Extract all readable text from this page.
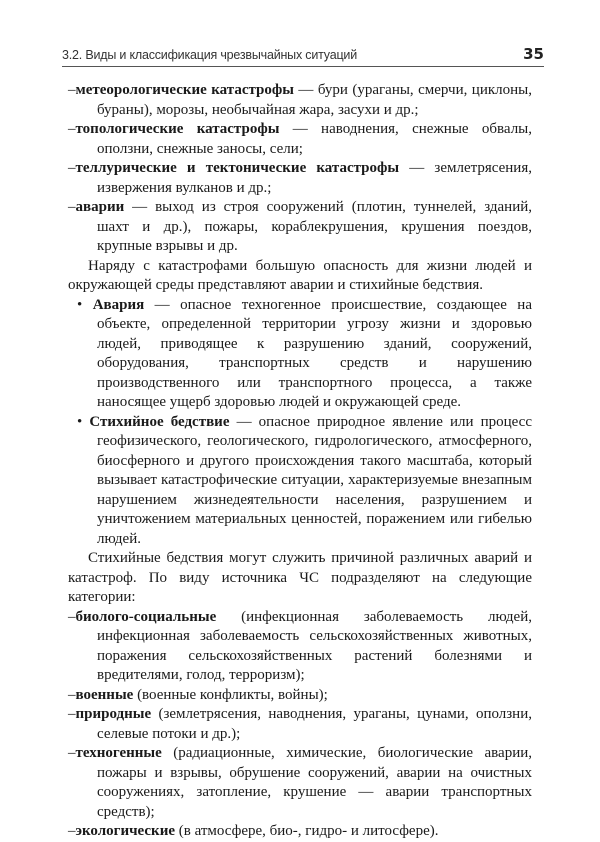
3.2. Виды и классификация чрезвычайных ситуаций	35

–метеорологические катастрофы — бури (ураганы, смерчи, циклоны, бураны), морозы, необычайная жара, засухи и др.;

–топологические катастрофы — наводнения, снежные обвалы, оползни, снежные заносы, сели;

–теллурические и тектонические катастрофы — землетрясения, извержения вулканов и др.;

–аварии — выход из строя сооружений (плотин, туннелей, зданий, шахт и др.), пожары, кораблекрушения, крушения поездов, крупные взрывы и др.

Наряду с катастрофами большую опасность для жизни людей и окружающей среды представляют аварии и стихийные бедствия.

• Авария — опасное техногенное происшествие, создающее на объекте, определенной территории угрозу жизни и здоровью людей, приводящее к разрушению зданий, сооружений, оборудования, транспортных средств и нарушению производственного или транспортного процесса, а также наносящее ущерб здоровью людей и окружающей среде.

• Стихийное бедствие — опасное природное явление или процесс геофизического, геологического, гидрологического, атмосферного, биосферного и другого происхождения такого масштаба, который вызывает катастрофические ситуации, характеризуемые внезапным нарушением жизнедеятельности населения, разрушением и уничтожением материальных ценностей, поражением или гибелью людей.

Стихийные бедствия могут служить причиной различных аварий и катастроф. По виду источника ЧС подразделяют на следующие категории:

–биолого-социальные (инфекционная заболеваемость людей, инфекционная заболеваемость сельскохозяйственных животных, поражения сельскохозяйственных растений болезнями и вредителями, голод, терроризм);

–военные (военные конфликты, войны);

–природные (землетрясения, наводнения, ураганы, цунами, оползни, селевые потоки и др.);

–техногенные (радиационные, химические, биологические аварии, пожары и взрывы, обрушение сооружений, аварии на очистных сооружениях, затопление, крушение — аварии транспортных средств);

–экологические (в атмосфере, био-, гидро- и литосфере).
